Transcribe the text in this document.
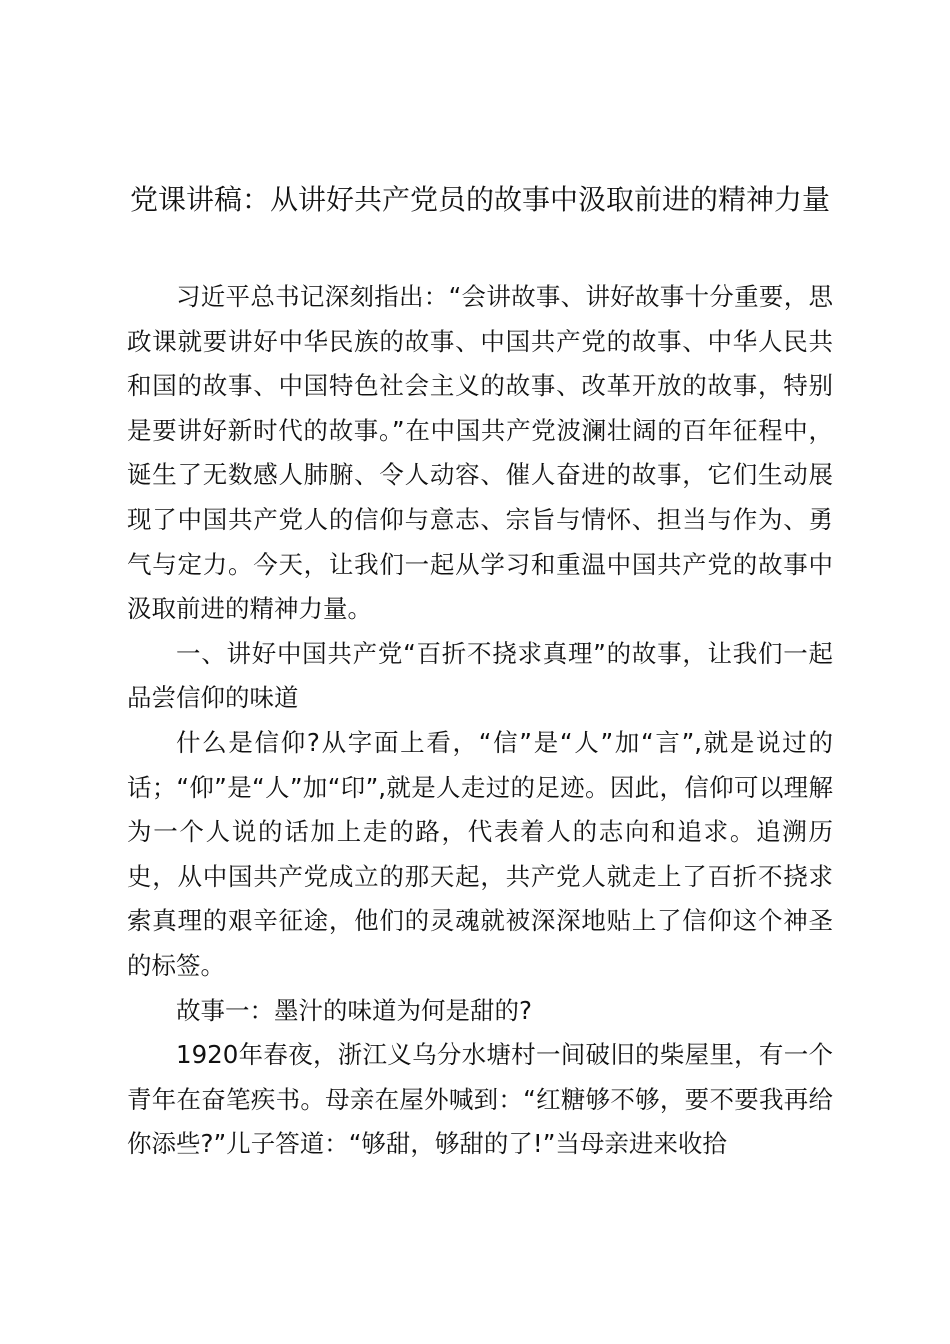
党课讲稿：从讲好共产党员的故事中汲取前进的精神力量

习近平总书记深刻指出：“会讲故事、讲好故事十分重要，思政课就要讲好中华民族的故事、中国共产党的故事、中华人民共和国的故事、中国特色社会主义的故事、改革开放的故事，特别是要讲好新时代的故事。”在中国共产党波澜壮阔的百年征程中，诞生了无数感人肺腑、令人动容、催人奋进的故事，它们生动展现了中国共产党人的信仰与意志、宗旨与情怀、担当与作为、勇气与定力。今天，让我们一起从学习和重温中国共产党的故事中汲取前进的精神力量。

一、讲好中国共产党“百折不挠求真理”的故事，让我们一起品尝信仰的味道

什么是信仰?从字面上看，“信”是“人”加“言”,就是说过的话；“仰”是“人”加“印”,就是人走过的足迹。因此，信仰可以理解为一个人说的话加上走的路，代表着人的志向和追求。追溯历史，从中国共产党成立的那天起，共产党人就走上了百折不挠求索真理的艰辛征途，他们的灵魂就被深深地贴上了信仰这个神圣的标签。

故事一：墨汁的味道为何是甜的?

1920年春夜，浙江义乌分水塘村一间破旧的柴屋里，有一个青年在奋笔疾书。母亲在屋外喊到：“红糖够不够，要不要我再给你添些?”儿子答道：“够甜，够甜的了!”当母亲进来收拾
